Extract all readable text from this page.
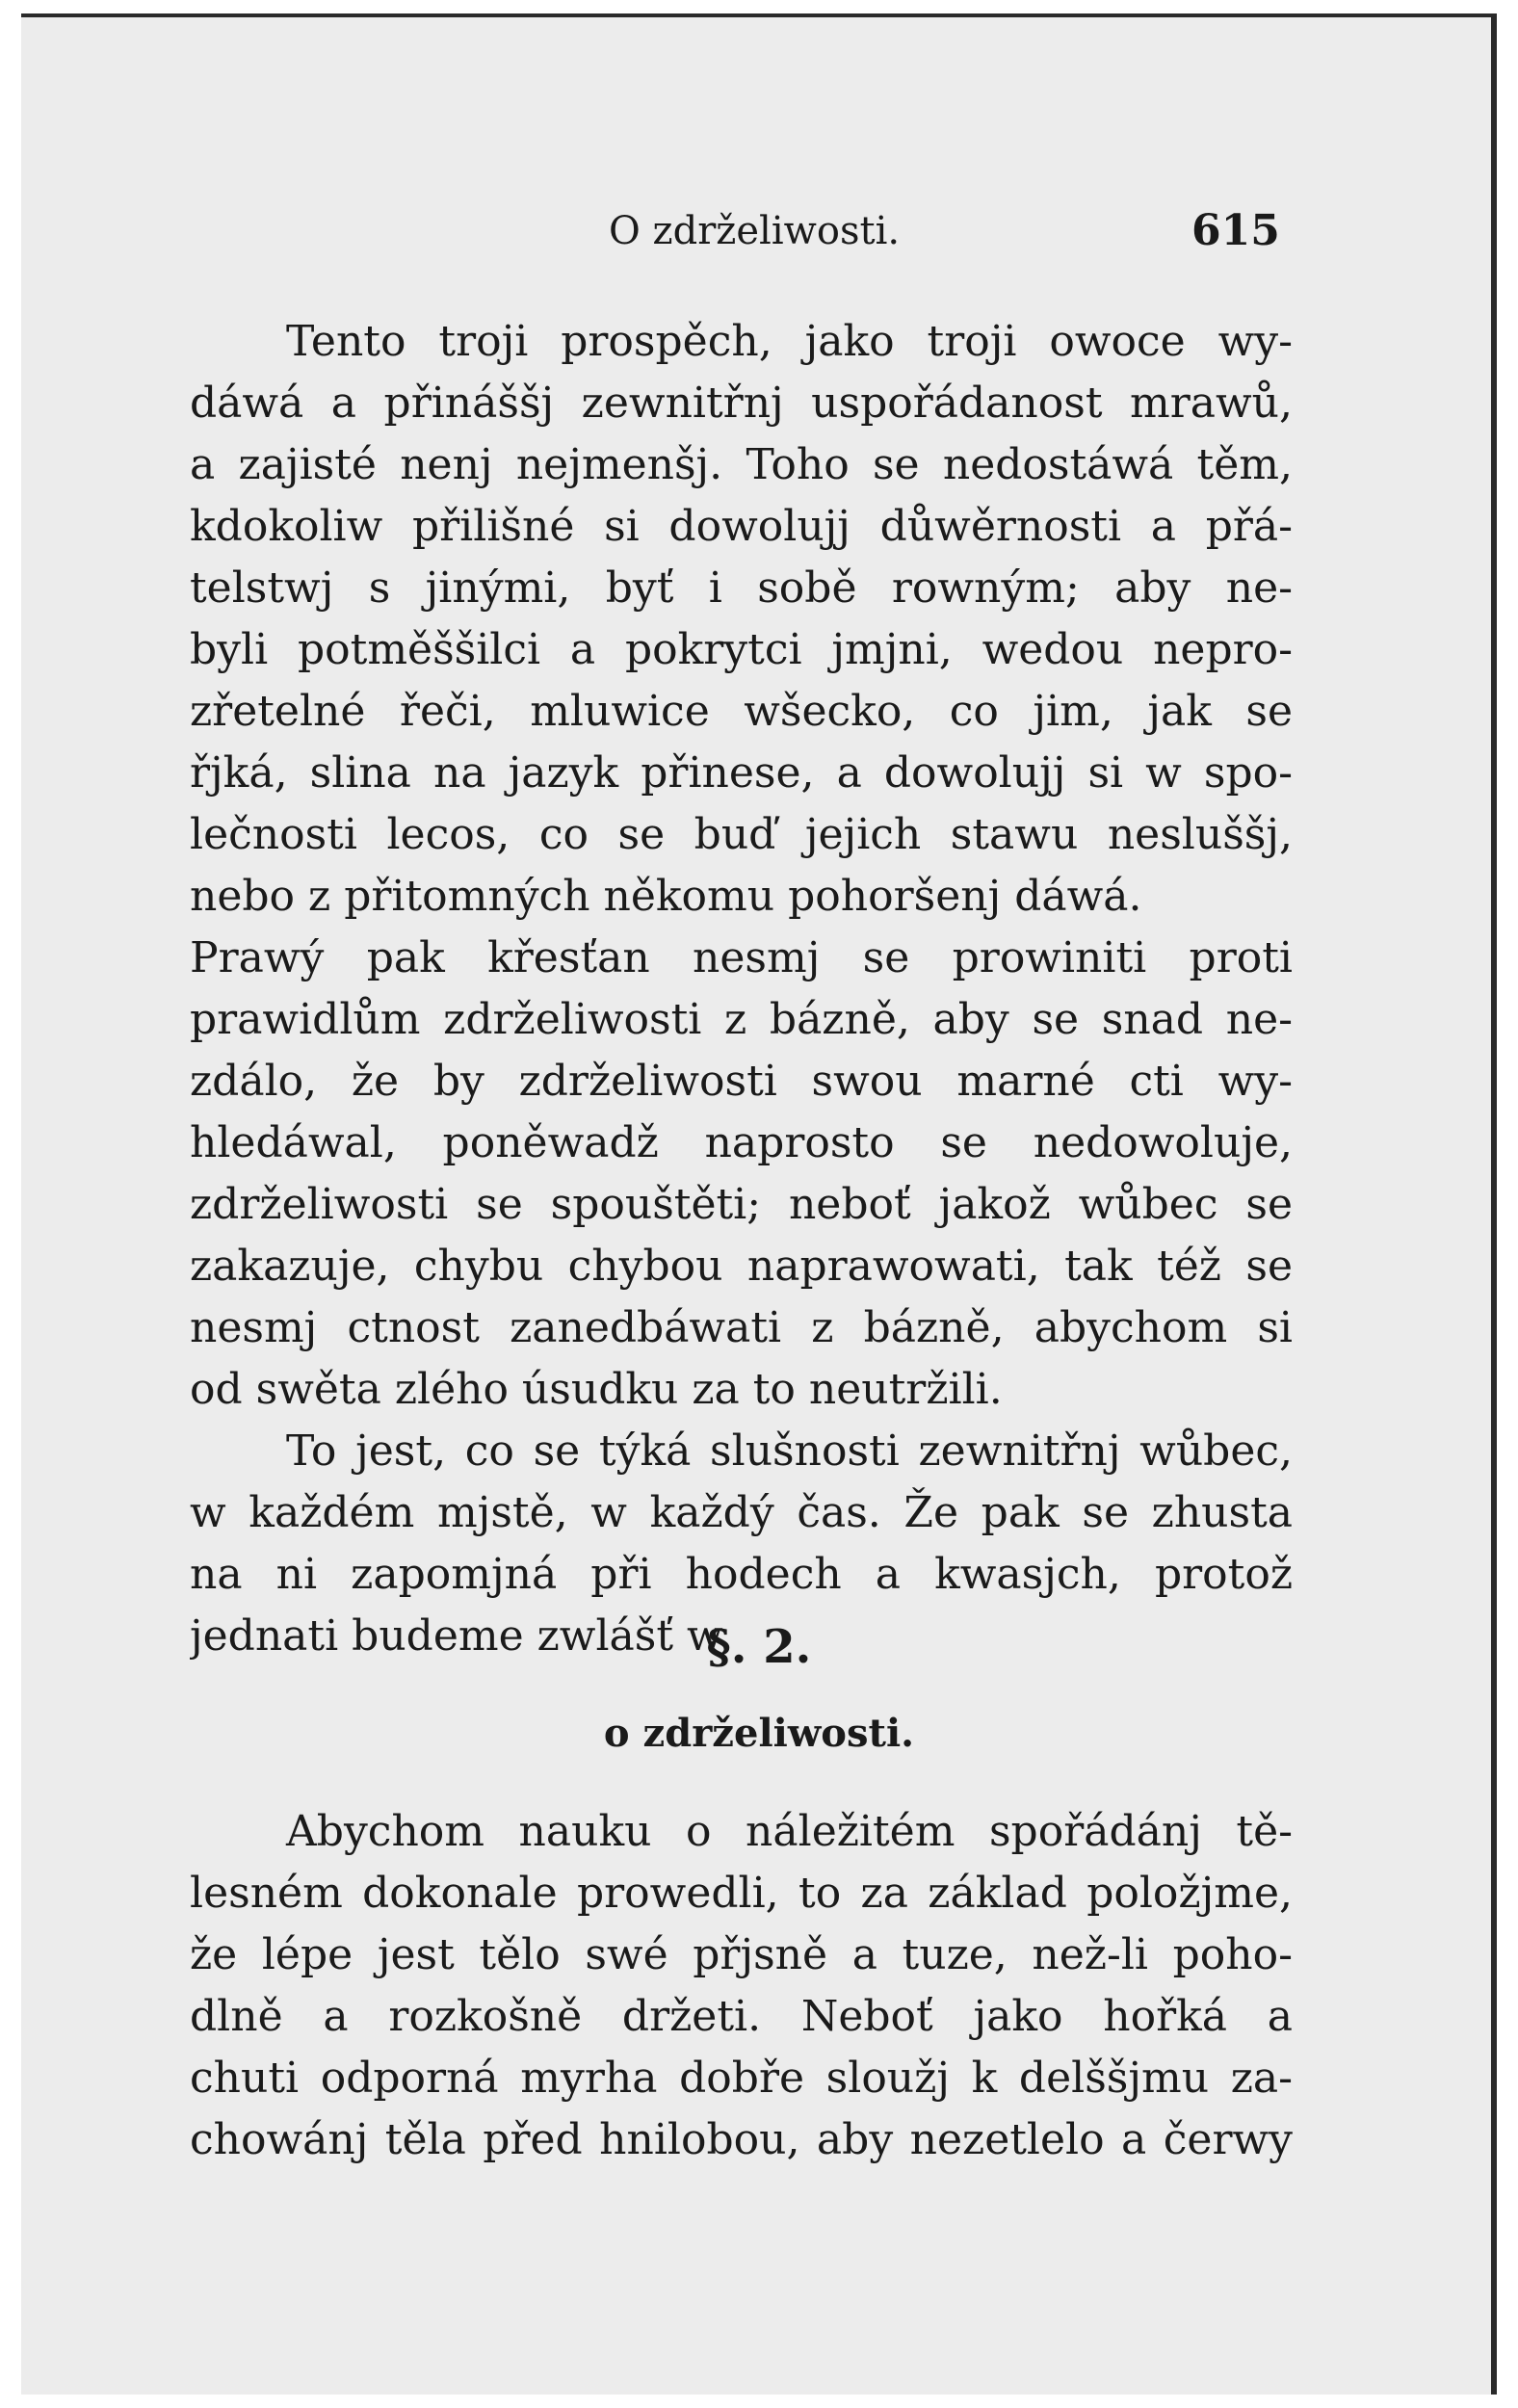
O zdrželiwosti.	615
Tento troji prospěch, jako troji owoce wy-
dáwá a přináššj zewnitřnj uspořádanost mrawů,
a zajisté nenj nejmenšj. Toho se nedostáwá těm,
kdokoliw přilišné si dowolujj důwěrnosti a přá-
telstwj s jinými, byť i sobě rowným; aby ne-
byli potměššilci a pokrytci jmjni, wedou nepro-
zřetelné řeči, mluwice wšecko, co jim, jak se
řjká, slina na jazyk přinese, a dowolujj si w spo-
lečnosti lecos, co se buď jejich stawu nesluššj,
nebo z přitomných někomu pohoršenj dáwá.
Prawý pak křesťan nesmj se prowiniti proti
prawidlům zdrželiwosti z bázně, aby se snad ne-
zdálo, že by zdrželiwosti swou marné cti wy-
hledáwal, poněwadž naprosto se nedowoluje,
zdrželiwosti se spouštěti; neboť jakož wůbec se
zakazuje, chybu chybou naprawowati, tak též se
nesmj ctnost zanedbáwati z bázně, abychom si
od swěta zlého úsudku za to neutržili.
To jest, co se týká slušnosti zewnitřnj wůbec,
w každém mjstě, w každý čas. Že pak se zhusta
na ni zapomjná při hodech a kwasjch, protož
jednati budeme zwlášť w
§. 2.
o zdrželiwosti.
Abychom nauku o náležitém spořádánj tě-
lesném dokonale prowedli, to za základ položjme,
že lépe jest tělo swé přjsně a tuze, než-li poho-
dlně a rozkošně držeti. Neboť jako hořká a
chuti odporná myrha dobře sloužj k delššjmu za-
chowánj těla před hnilobou, aby nezetlelo a čerwy
